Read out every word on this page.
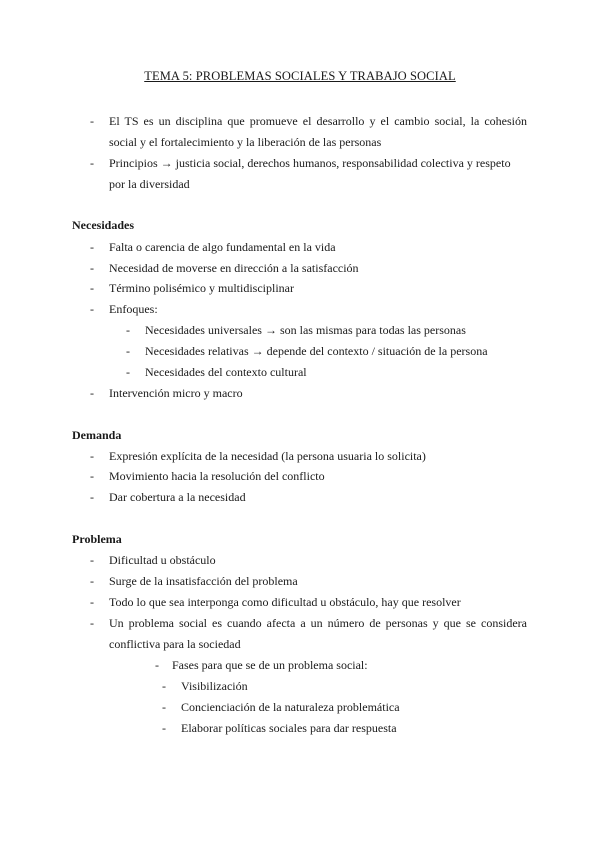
TEMA 5: PROBLEMAS SOCIALES Y TRABAJO SOCIAL
-	El TS es un disciplina que promueve el desarrollo y el cambio social, la cohesión social y el fortalecimiento y la liberación de las personas
-	Principios → justicia social, derechos humanos, responsabilidad colectiva y respeto por la diversidad
Necesidades
-	Falta o carencia de algo fundamental en la vida
-	Necesidad de moverse en dirección a la satisfacción
-	Término polisémico y multidisciplinar
-	Enfoques:
-	Necesidades universales → son las mismas para todas las personas
-	Necesidades relativas → depende del contexto / situación de la persona
-	Necesidades del contexto cultural
-	Intervención micro y macro
Demanda
-	Expresión explícita de la necesidad (la persona usuaria lo solicita)
-	Movimiento hacia la resolución del conflicto
-	Dar cobertura a la necesidad
Problema
-	Dificultad u obstáculo
-	Surge de la insatisfacción del problema
-	Todo lo que sea interponga como dificultad u obstáculo, hay que resolver
-	Un problema social es cuando afecta a un número de personas y que se considera conflictiva para la sociedad
-	Fases para que se de un problema social:
-	Visibilización
-	Concienciación de la naturaleza problemática
-	Elaborar políticas sociales para dar respuesta
